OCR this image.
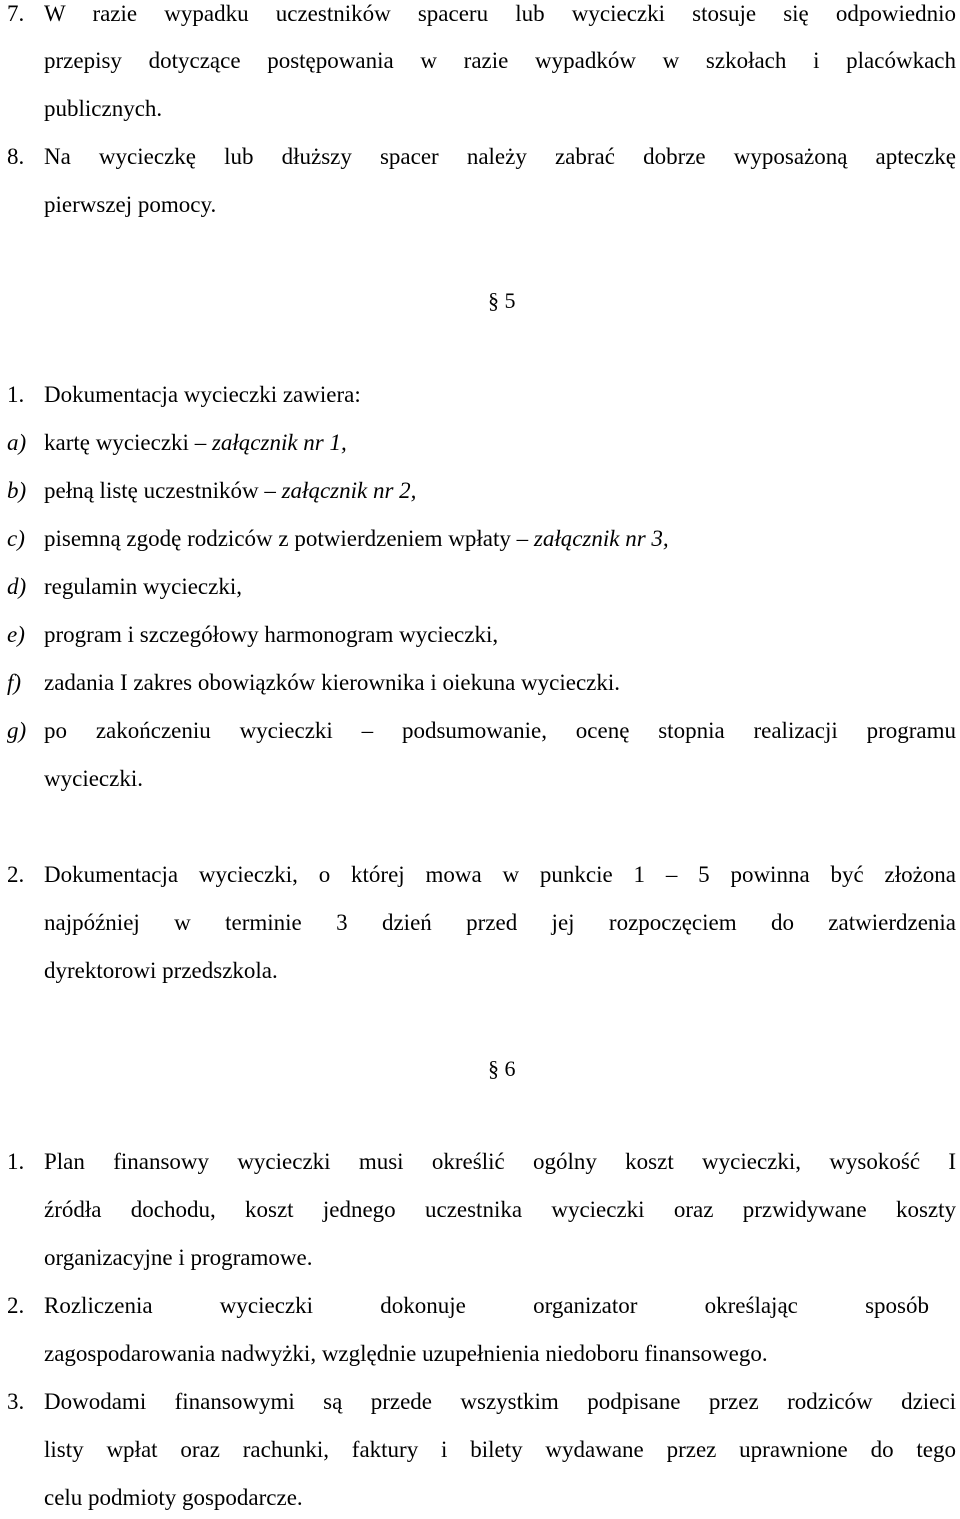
7. W razie wypadku uczestników spaceru lub wycieczki stosuje się odpowiednio
przepisy dotyczące postępowania w razie wypadków w szkołach i placówkach
publicznych.
8. Na wycieczkę lub dłuższy spacer należy zabrać dobrze wyposażoną apteczkę
pierwszej pomocy.
§ 5
1. Dokumentacja wycieczki zawiera:
a) kartę wycieczki – załącznik nr 1,
b) pełną listę uczestników – załącznik nr 2,
c) pisemną zgodę rodziców z potwierdzeniem wpłaty – załącznik nr 3,
d) regulamin wycieczki,
e) program i szczegółowy harmonogram wycieczki,
f) zadania I zakres obowiązków kierownika i oiekuna wycieczki.
g) po zakończeniu wycieczki – podsumowanie, ocenę stopnia realizacji programu
wycieczki.
2. Dokumentacja wycieczki, o której mowa w punkcie 1 – 5 powinna być złożona
najpóźniej w terminie 3 dzień przed jej rozpoczęciem do zatwierdzenia
dyrektorowi przedszkola.
§ 6
1. Plan finansowy wycieczki musi określić ogólny koszt wycieczki, wysokość I
źródła dochodu, koszt jednego uczestnika wycieczki oraz przwidywane koszty
organizacyjne i programowe.
2. Rozliczenia wycieczki dokonuje organizator określając sposób
zagospodarowania nadwyżki, względnie uzupełnienia niedoboru finansowego.
3. Dowodami finansowymi są przede wszystkim podpisane przez rodziców dzieci
listy wpłat oraz rachunki, faktury i bilety wydawane przez uprawnione do tego
celu podmioty gospodarcze.
